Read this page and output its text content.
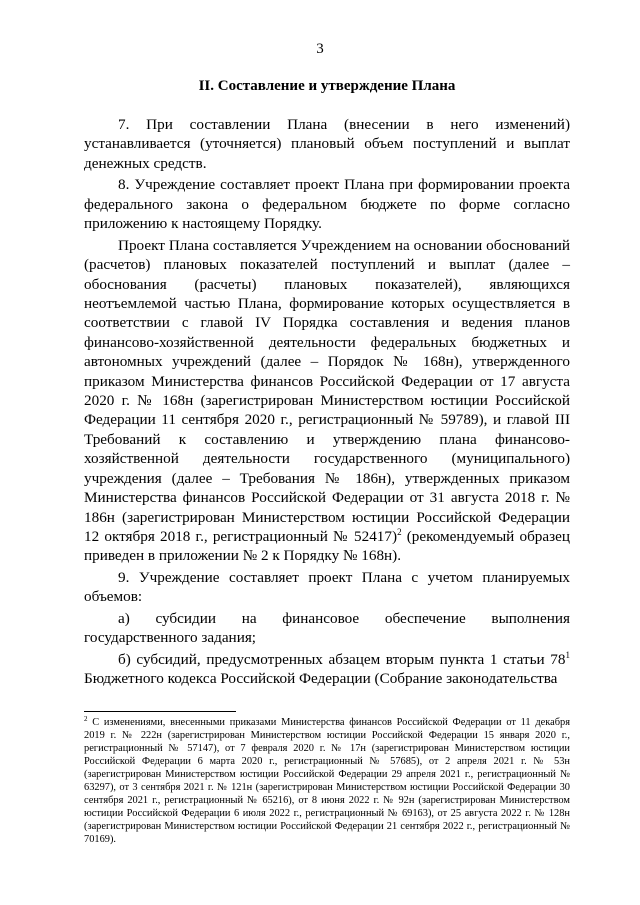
3
II. Составление и утверждение Плана

7. При составлении Плана (внесении в него изменений) устанавливается (уточняется) плановый объем поступлений и выплат денежных средств.

8. Учреждение составляет проект Плана при формировании проекта федерального закона о федеральном бюджете по форме согласно приложению к настоящему Порядку.

Проект Плана составляется Учреждением на основании обоснований (расчетов) плановых показателей поступлений и выплат (далее – обоснования (расчеты) плановых показателей), являющихся неотъемлемой частью Плана, формирование которых осуществляется в соответствии с главой IV Порядка составления и ведения планов финансово-хозяйственной деятельности федеральных бюджетных и автономных учреждений (далее – Порядок № 168н), утвержденного приказом Министерства финансов Российской Федерации от 17 августа 2020 г. № 168н (зарегистрирован Министерством юстиции Российской Федерации 11 сентября 2020 г., регистрационный № 59789), и главой III Требований к составлению и утверждению плана финансово-хозяйственной деятельности государственного (муниципального) учреждения (далее – Требования № 186н), утвержденных приказом Министерства финансов Российской Федерации от 31 августа 2018 г. № 186н (зарегистрирован Министерством юстиции Российской Федерации 12 октября 2018 г., регистрационный № 52417)$^2$ (рекомендуемый образец приведен в приложении № 2 к Порядку № 168н).

9. Учреждение составляет проект Плана с учетом планируемых объемов:

а) субсидии на финансовое обеспечение выполнения государственного задания;

б) субсидий, предусмотренных абзацем вторым пункта 1 статьи $78^1$ Бюджетного кодекса Российской Федерации (Собрание законодательства

$^2$ С изменениями, внесенными приказами Министерства финансов Российской Федерации от 11 декабря 2019 г. № 222н (зарегистрирован Министерством юстиции Российской Федерации 15 января 2020 г., регистрационный № 57147), от 7 февраля 2020 г. № 17н (зарегистрирован Министерством юстиции Российской Федерации 6 марта 2020 г., регистрационный № 57685), от 2 апреля 2021 г. № 53н (зарегистрирован Министерством юстиции Российской Федерации 29 апреля 2021 г., регистрационный № 63297), от 3 сентября 2021 г. № 121н (зарегистрирован Министерством юстиции Российской Федерации 30 сентября 2021 г., регистрационный № 65216), от 8 июня 2022 г. № 92н (зарегистрирован Министерством юстиции Российской Федерации 6 июля 2022 г., регистрационный № 69163), от 25 августа 2022 г. № 128н (зарегистрирован Министерством юстиции Российской Федерации 21 сентября 2022 г., регистрационный № 70169).
